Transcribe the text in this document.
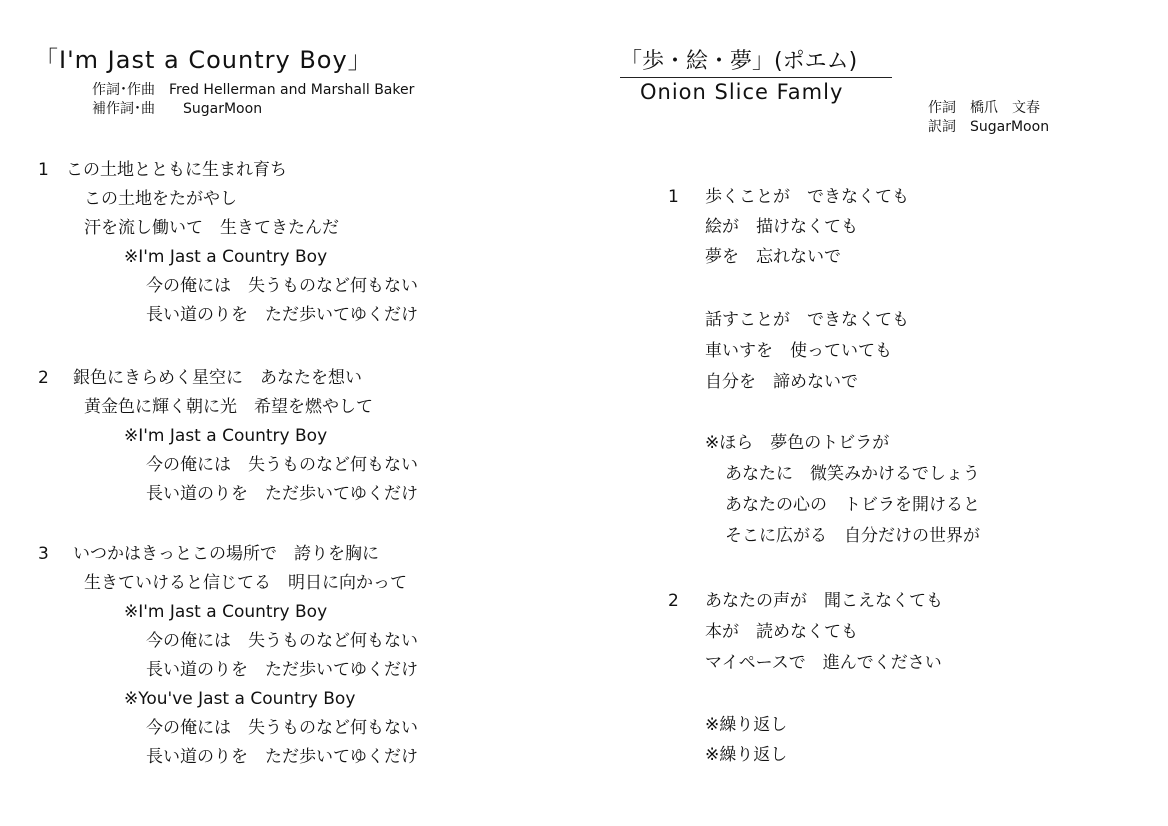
「I'm Jast a Country Boy」
作詞･作曲　Fred Hellerman and Marshall Baker
補作詞･曲　　SugarMoon
1 この土地とともに生まれ育ち
この土地をたがやし
汗を流し働いて　生きてきたんだ
※I'm Jast a Country Boy
今の俺には　失うものなど何もない
長い道のりを　ただ歩いてゆくだけ
2 銀色にきらめく星空に　あなたを想い
黄金色に輝く朝に光　希望を燃やして
※I'm Jast a Country Boy
今の俺には　失うものなど何もない
長い道のりを　ただ歩いてゆくだけ
3 いつかはきっとこの場所で　誇りを胸に
生きていけると信じてる　明日に向かって
※I'm Jast a Country Boy
今の俺には　失うものなど何もない
長い道のりを　ただ歩いてゆくだけ
※You've Jast a Country Boy
今の俺には　失うものなど何もない
長い道のりを　ただ歩いてゆくだけ
「歩・絵・夢」(ポエム)
Onion Slice Famly
作詞　橋爪　文春
訳詞　SugarMoon
1 歩くことが　できなくても
絵が　描けなくても
夢を　忘れないで
話すことが　できなくても
車いすを　使っていても
自分を　諦めないで
※ほら　夢色のトビラが
あなたに　微笑みかけるでしょう
あなたの心の　トビラを開けると
そこに広がる　自分だけの世界が
2 あなたの声が　聞こえなくても
本が　読めなくても
マイペースで　進んでください
※繰り返し
※繰り返し
